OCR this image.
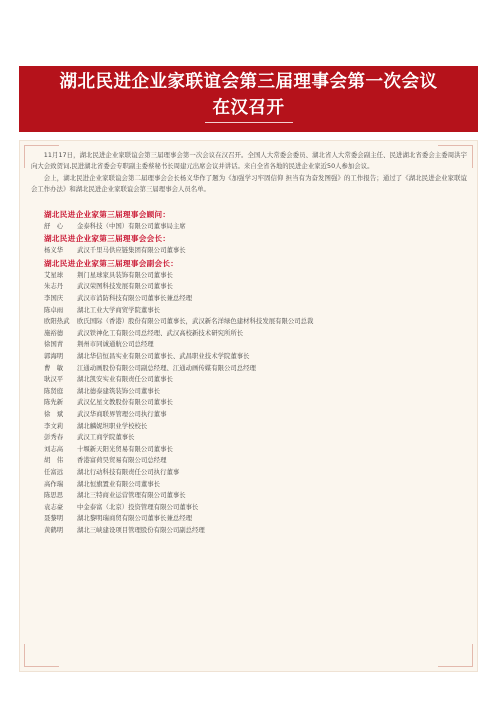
湖北民进企业家联谊会第三届理事会第一次会议
在汉召开

11月17日，湖北民进企业家联谊会第三届理事会第一次会议在汉召开。全国人大常委会委员、湖北省人大常委会副主任、民进湖北省委会主委周洪宇向大会致贺词,民进湖北省委会专职副主委蔡秘书长周建元出席会议并讲话。来自全省各地的民进企业家近50人参加会议。

会上，湖北民进企业家联谊会第二届理事会会长杨义华作了题为《加强学习牢固信仰 担当有为奋发图强》的工作报告；通过了《湖北民进企业家联谊会工作办法》和湖北民进企业家联谊会第三届理事会人员名单。

湖北民进企业家第三届理事会顾问：

舒　心 金泰科技（中国）有限公司董事局主席

湖北民进企业家第三届理事会会长：

杨义华 武汉千里马供应链集团有限公司董事长

湖北民进企业家第三届理事会副会长：

艾星球 荆门星球家具装饰有限公司董事长
朱志丹 武汉荣图科技发展有限公司董事长
李国庆 武汉市消防科技有限公司董事长兼总经理
陈卓雨 湖北工业大学商贸学院董事长
欧阳热武 欧氏国际（香港）股份有限公司董事长，武汉新名洋绿色建材科技发展有限公司总裁
施裕德 武汉铁神化工有限公司总经理、武汉高校新技术研究所所长
徐国青 荆州市同诚通航公司总经理
郭海明 湖北华信恒昌实业有限公司董事长、武昌职业技术学院董事长
曹　敏 江通动画股份有限公司副总经理、江通动画传媒有限公司总经理
耿汉平 湖北凯安实业有限责任公司董事长
陈贤庭 湖北德泰建筑装饰公司董事长
陈先新 武汉亿星文教股份有限公司董事长
徐　斌 武汉华商联界管理公司执行董事
李文莉 湖北麟妮坦职业学校校长
彭秀春 武汉工商学院董事长
刘志高 十堰新天阳光贸易有限公司董事长
胡　伟 香港富荷昊贸易有限公司总经理
任富远 湖北行动科技有限责任公司执行董事
高作瑞 湖北恒旗置业有限公司董事长
陈思思 湖北三特商业运营管理有限公司董事长
袁志豪 中金泰富（北京）投资管理有限公司董事长
聂黎明 湖北黎明瑞商贸有限公司董事长兼总经理
黄鹤明 湖北三峡建设项目管理股份有限公司副总经理
